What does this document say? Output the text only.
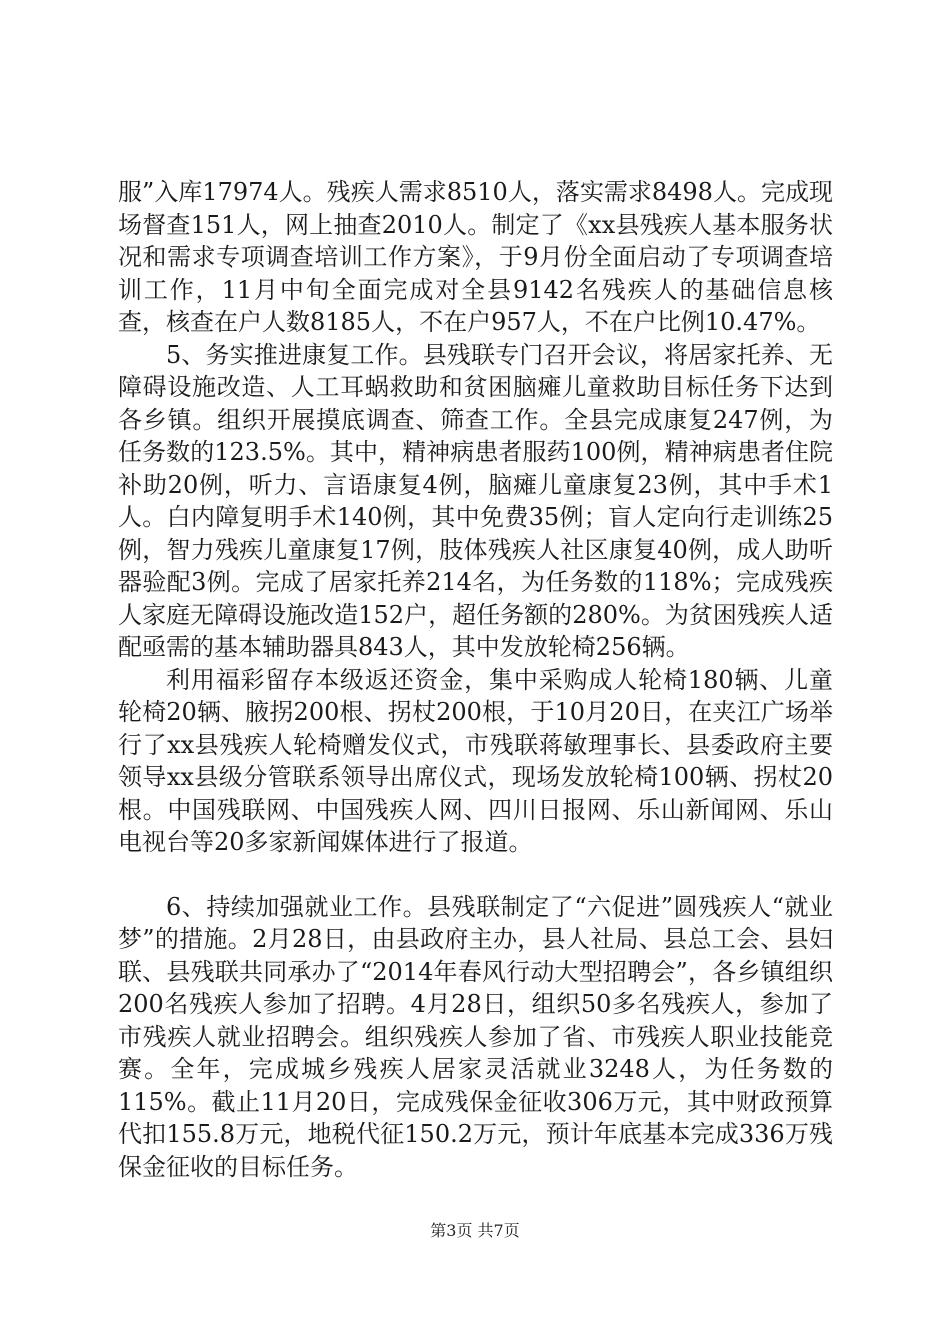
服”入库17974人。残疾人需求8510人，落实需求8498人。完成现场督查151人，网上抽查2010人。制定了《xx县残疾人基本服务状况和需求专项调查培训工作方案》，于9月份全面启动了专项调查培训工作，11月中旬全面完成对全县9142名残疾人的基础信息核查，核查在户人数8185人，不在户957人，不在户比例10.47%。

5、务实推进康复工作。县残联专门召开会议，将居家托养、无障碍设施改造、人工耳蜗救助和贫困脑瘫儿童救助目标任务下达到各乡镇。组织开展摸底调查、筛查工作。全县完成康复247例，为任务数的123.5%。其中，精神病患者服药100例，精神病患者住院补助20例，听力、言语康复4例，脑瘫儿童康复23例，其中手术1人。白内障复明手术140例，其中免费35例；盲人定向行走训练25例，智力残疾儿童康复17例，肢体残疾人社区康复40例，成人助听器验配3例。完成了居家托养214名，为任务数的118%；完成残疾人家庭无障碍设施改造152户，超任务额的280%。为贫困残疾人适配亟需的基本辅助器具843人，其中发放轮椅256辆。

利用福彩留存本级返还资金，集中采购成人轮椅180辆、儿童轮椅20辆、腋拐200根、拐杖200根，于10月20日，在夹江广场举行了xx县残疾人轮椅赠发仪式，市残联蒋敏理事长、县委政府主要领导xx县级分管联系领导出席仪式，现场发放轮椅100辆、拐杖20根。中国残联网、中国残疾人网、四川日报网、乐山新闻网、乐山电视台等20多家新闻媒体进行了报道。

6、持续加强就业工作。县残联制定了“六促进”圆残疾人“就业梦”的措施。2月28日，由县政府主办，县人社局、县总工会、县妇联、县残联共同承办了“2014年春风行动大型招聘会”，各乡镇组织200名残疾人参加了招聘。4月28日，组织50多名残疾人，参加了市残疾人就业招聘会。组织残疾人参加了省、市残疾人职业技能竞赛。全年，完成城乡残疾人居家灵活就业3248人，为任务数的115%。截止11月20日，完成残保金征收306万元，其中财政预算代扣155.8万元，地税代征150.2万元，预计年底基本完成336万残保金征收的目标任务。

第3页 共7页
